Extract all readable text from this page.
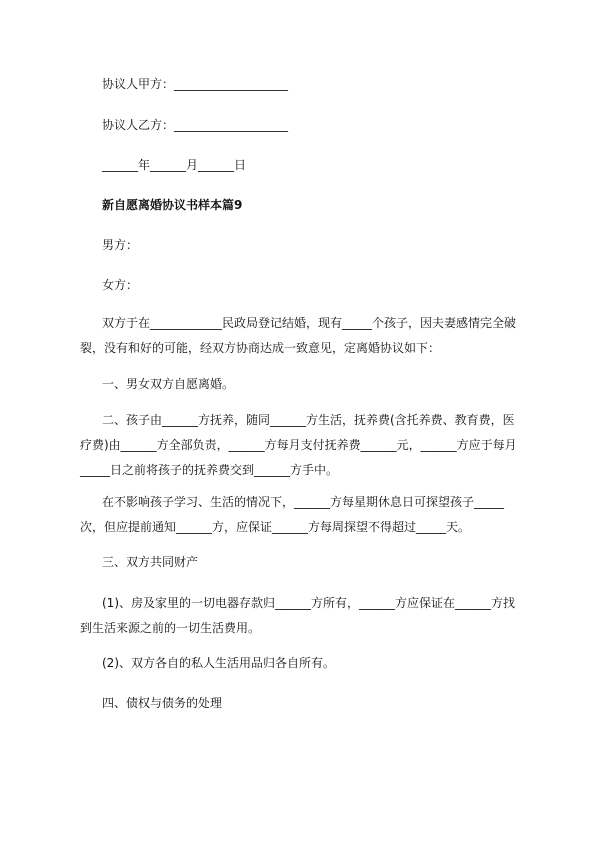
协议人甲方：___________________
协议人乙方：___________________
______年______月______日
新自愿离婚协议书样本篇9
男方：
女方：
双方于在____________民政局登记结婚，现有_____个孩子，因夫妻感情完全破裂，没有和好的可能，经双方协商达成一致意见，定离婚协议如下：
一、男女双方自愿离婚。
二、孩子由______方抚养，随同______方生活，抚养费(含托养费、教育费，医疗费)由______方全部负责，______方每月支付抚养费______元，______方应于每月_____日之前将孩子的抚养费交到______方手中。
在不影响孩子学习、生活的情况下，______方每星期休息日可探望孩子_____次，但应提前通知______方，应保证______方每周探望不得超过_____天。
三、双方共同财产
(1)、房及家里的一切电器存款归______方所有，______方应保证在______方找到生活来源之前的一切生活费用。
(2)、双方各自的私人生活用品归各自所有。
四、债权与债务的处理
